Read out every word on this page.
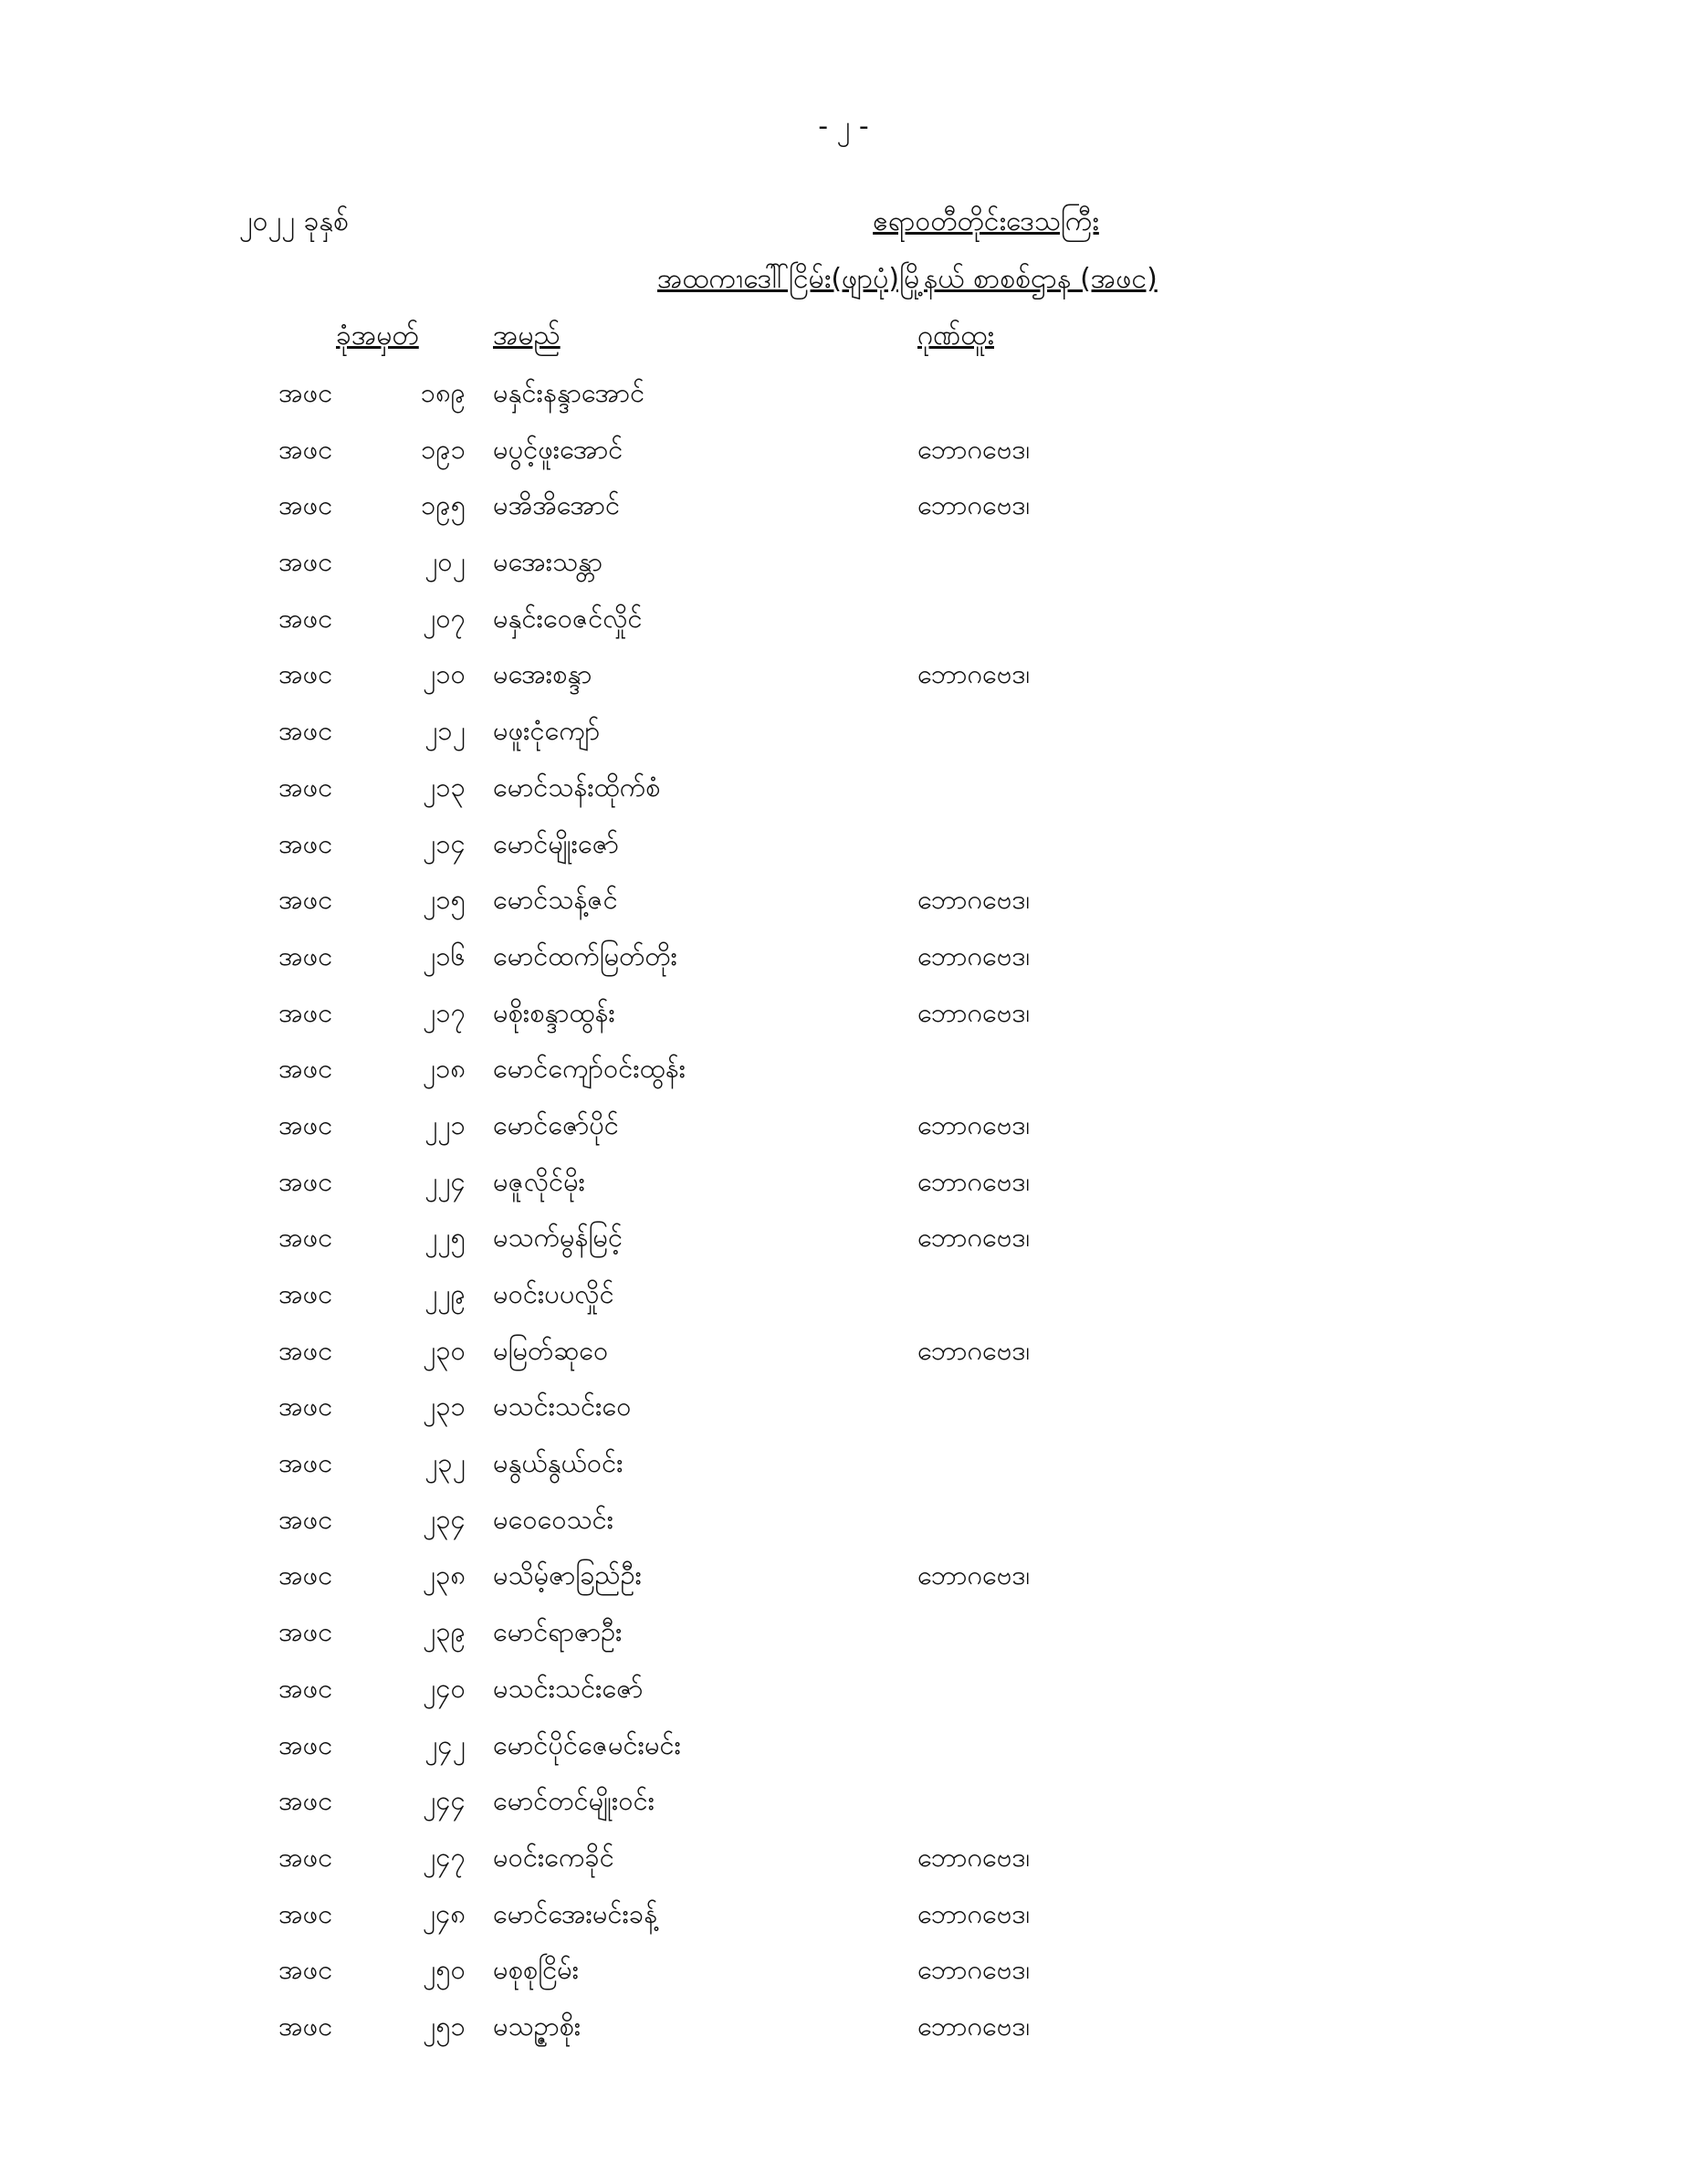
- ၂ -
၂၀၂၂ ခုနှစ်	ဧရာဝတီတိုင်းဒေသကြီး
အထကၫဒေါါ်ငြိမ်း(ဖျာပုံ)မြို့နယ် စာစစ်ဌာန (အဖင)
ခုံအမှတ်	အမည်	ဂုဏ်ထူး
အဖင	၁၈၉ မနှင်းနန္ဒာအောင်
အဖင	၁၉၁ မပွင့်ဖူးအောင်	ဘောဂဗေဒ၊
အဖင	၁၉၅ မအိအိအောင်	ဘောဂဗေဒ၊
အဖင	၂၀၂ မအေးသန္တာ
အဖင	၂၀၇ မနှင်းဝေဇင်လှိုင်
အဖင	၂၁၀ မအေးစန္ဒာ	ဘောဂဗေဒ၊
အဖင	၂၁၂ မဖူးငုံကျော်
အဖင	၂၁၃ မောင်သန်းထိုက်စံ
အဖင	၂၁၄ မောင်မျိုးဇော်
အဖင	၂၁၅ မောင်သန့်ဇင်	ဘောဂဗေဒ၊
အဖင	၂၁၆ မောင်ထက်မြတ်တိုး	ဘောဂဗေဒ၊
အဖင	၂၁၇ မစိုးစန္ဒာထွန်း	ဘောဂဗေဒ၊
အဖင	၂၁၈ မောင်ကျော်ဝင်းထွန်း
အဖင	၂၂၁ မောင်ဇော်ပိုင်	ဘောဂဗေဒ၊
အဖင	၂၂၄ မဇူလိုင်မိုး	ဘောဂဗေဒ၊
အဖင	၂၂၅ မသက်မွန်မြင့်	ဘောဂဗေဒ၊
အဖင	၂၂၉ မဝင်းပပလှိုင်
အဖင	၂၃၀ မမြတ်ဆုဝေ	ဘောဂဗေဒ၊
အဖင	၂၃၁ မသင်းသင်းဝေ
အဖင	၂၃၂ မနွယ်နွယ်ဝင်း
အဖင	၂၃၄ မဝေဝေသင်း
အဖင	၂၃၈ မသိမ့်ဇာခြည်ဦး	ဘောဂဗေဒ၊
အဖင	၂၃၉ မောင်ရာဇာဦး
အဖင	၂၄၀ မသင်းသင်းဇော်
အဖင	၂၄၂ မောင်ပိုင်ဇေမင်းမင်း
အဖင	၂၄၄ မောင်တင်မျိုးဝင်း
အဖင	၂၄၇ မဝင်းကေခိုင်	ဘောဂဗေဒ၊
အဖင	၂၄၈ မောင်အေးမင်းခန့်	ဘောဂဗေဒ၊
အဖင	၂၅၀ မစုစုငြိမ်း	ဘောဂဗေဒ၊
အဖင	၂၅၁ မသဉ္ဇာစိုး	ဘောဂဗေဒ၊
